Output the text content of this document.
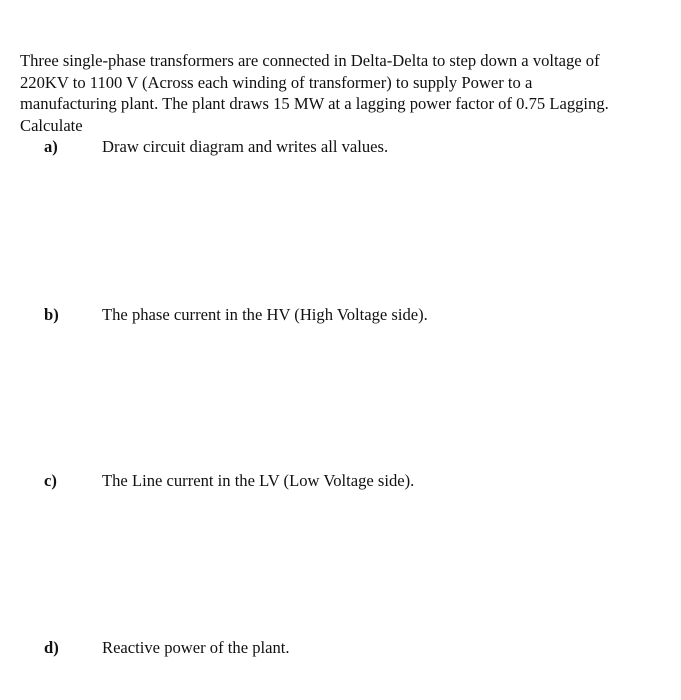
Three single-phase transformers are connected in Delta-Delta to step down a voltage of
220KV to 1100 V (Across each winding of transformer) to supply Power to a
manufacturing plant. The plant draws 15 MW at a lagging power factor of 0.75 Lagging.
Calculate
a)	Draw circuit diagram and writes all values.
b)	The phase current in the HV (High Voltage side).
c)	The Line current in the LV (Low Voltage side).
d)	Reactive power of the plant.
